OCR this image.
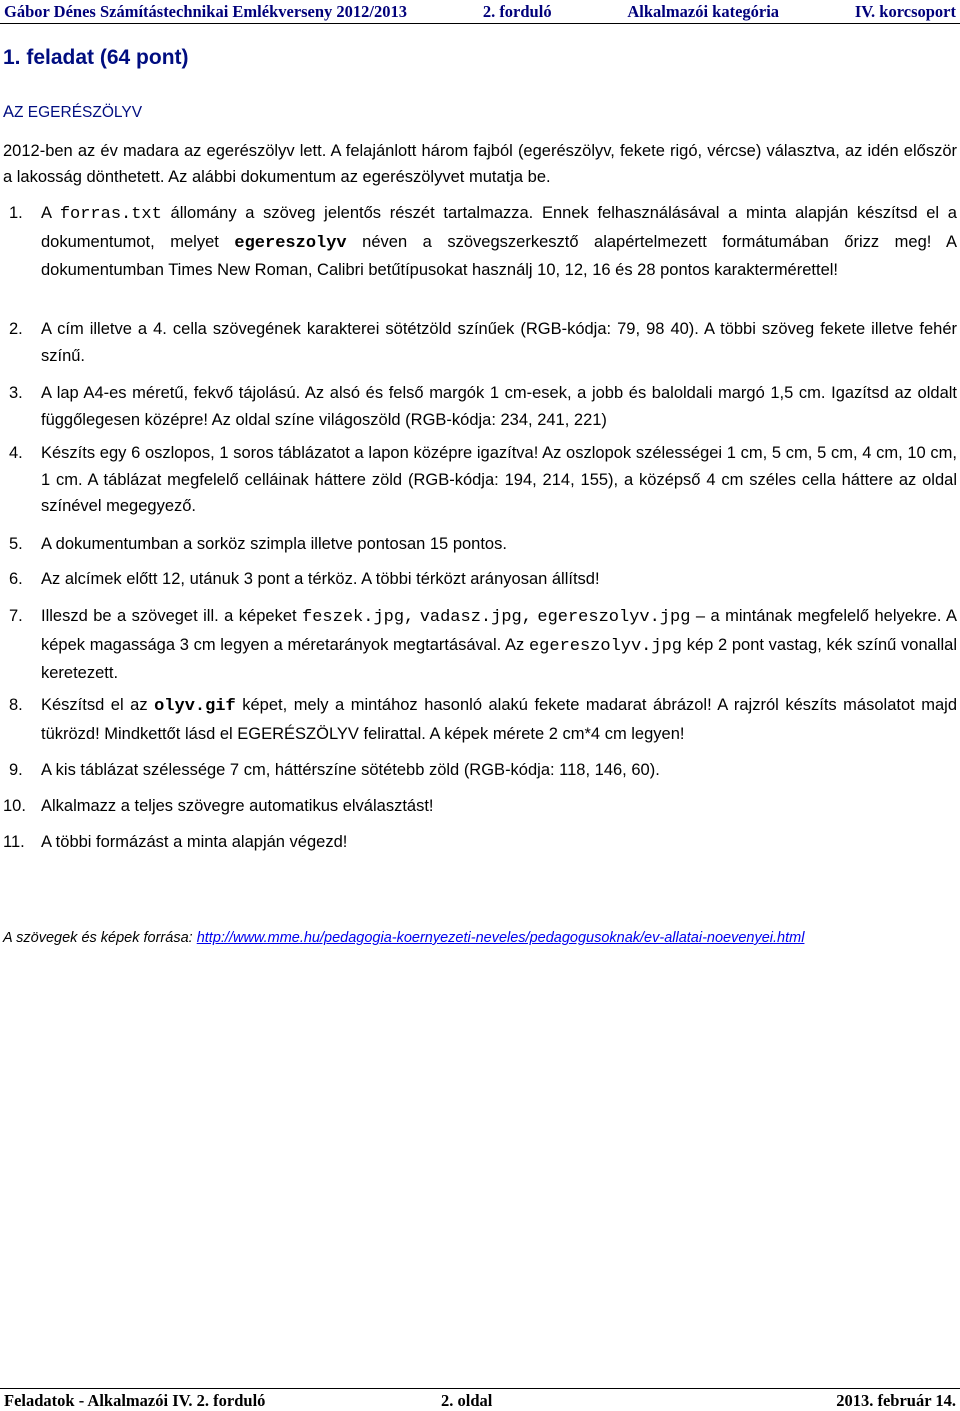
Gábor Dénes Számítástechnikai Emlékverseny 2012/2013	2. forduló	Alkalmazói kategória	IV. korcsoport
1. feladat (64 pont)
AZ EGERÉSZÖLYV
2012-ben az év madara az egerészölyv lett. A felajánlott három fajból (egerészölyv, fekete rigó, vércse) választva, az idén először a lakosság dönthetett. Az alábbi dokumentum az egerészölyvet mutatja be.
1. A forras.txt állomány a szöveg jelentős részét tartalmazza. Ennek felhasználásával a minta alapján készítsd el a dokumentumot, melyet egereszolyv néven a szövegszerkesztő alapértelmezett formátumában őrizz meg! A dokumentumban Times New Roman, Calibri betűtípusokat használj 10, 12, 16 és 28 pontos karaktermérettel!
2. A cím illetve a 4. cella szövegének karakterei sötétzöld színűek (RGB-kódja: 79, 98 40). A többi szöveg fekete illetve fehér színű.
3. A lap A4-es méretű, fekvő tájolású. Az alsó és felső margók 1 cm-esek, a jobb és baloldali margó 1,5 cm. Igazítsd az oldalt függőlegesen középre! Az oldal színe világoszöld (RGB-kódja: 234, 241, 221)
4. Készíts egy 6 oszlopos, 1 soros táblázatot a lapon középre igazítva! Az oszlopok szélességei 1 cm, 5 cm, 5 cm, 4 cm, 10 cm, 1 cm. A táblázat megfelelő celláinak háttere zöld (RGB-kódja: 194, 214, 155), a középső 4 cm széles cella háttere az oldal színével megegyező.
5. A dokumentumban a sorköz szimpla illetve pontosan 15 pontos.
6. Az alcímek előtt 12, utánuk 3 pont a térköz. A többi térközt arányosan állítsd!
7. Illeszd be a szöveget ill. a képeket feszek.jpg, vadasz.jpg, egereszolyv.jpg – a mintának megfelelő helyekre. A képek magassága 3 cm legyen a méretarányok megtartásával. Az egereszolyv.jpg kép 2 pont vastag, kék színű vonallal keretezett.
8. Készítsd el az olyv.gif képet, mely a mintához hasonló alakú fekete madarat ábrázol! A rajzról készíts másolatot majd tükrözd! Mindkettőt lásd el EGERÉSZÖLYV felirattal. A képek mérete 2 cm*4 cm legyen!
9. A kis táblázat szélessége 7 cm, háttérszíne sötétebb zöld (RGB-kódja: 118, 146, 60).
10. Alkalmazz a teljes szövegre automatikus elválasztást!
11. A többi formázást a minta alapján végezd!
A szövegek és képek forrása: http://www.mme.hu/pedagogia-koernyezeti-neveles/pedagogusoknak/ev-allatai-noevenyei.html
Feladatok - Alkalmazói IV. 2. forduló	2. oldal	2013. február 14.
